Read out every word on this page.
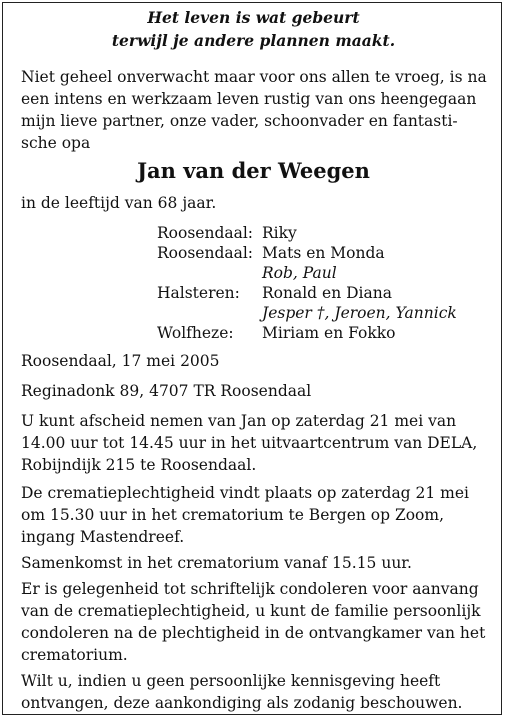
Het leven is wat gebeurt
terwijl je andere plannen maakt.
Niet geheel onverwacht maar voor ons allen te vroeg, is na
een intens en werkzaam leven rustig van ons heengegaan
mijn lieve partner, onze vader, schoonvader en fantasti-
sche opa
Jan van der Weegen
in de leeftijd van 68 jaar.
Roosendaal: Riky
Roosendaal: Mats en Monda
Rob, Paul
Halsteren: Ronald en Diana
Jesper †, Jeroen, Yannick
Wolfheze: Miriam en Fokko
Roosendaal, 17 mei 2005
Reginadonk 89, 4707 TR Roosendaal
U kunt afscheid nemen van Jan op zaterdag 21 mei van
14.00 uur tot 14.45 uur in het uitvaartcentrum van DELA,
Robijndijk 215 te Roosendaal.
De crematieplechtigheid vindt plaats op zaterdag 21 mei
om 15.30 uur in het crematorium te Bergen op Zoom,
ingang Mastendreef.
Samenkomst in het crematorium vanaf 15.15 uur.
Er is gelegenheid tot schriftelijk condoleren voor aanvang
van de crematieplechtigheid, u kunt de familie persoonlijk
condoleren na de plechtigheid in de ontvangkamer van het
crematorium.
Wilt u, indien u geen persoonlijke kennisgeving heeft
ontvangen, deze aankondiging als zodanig beschouwen.
